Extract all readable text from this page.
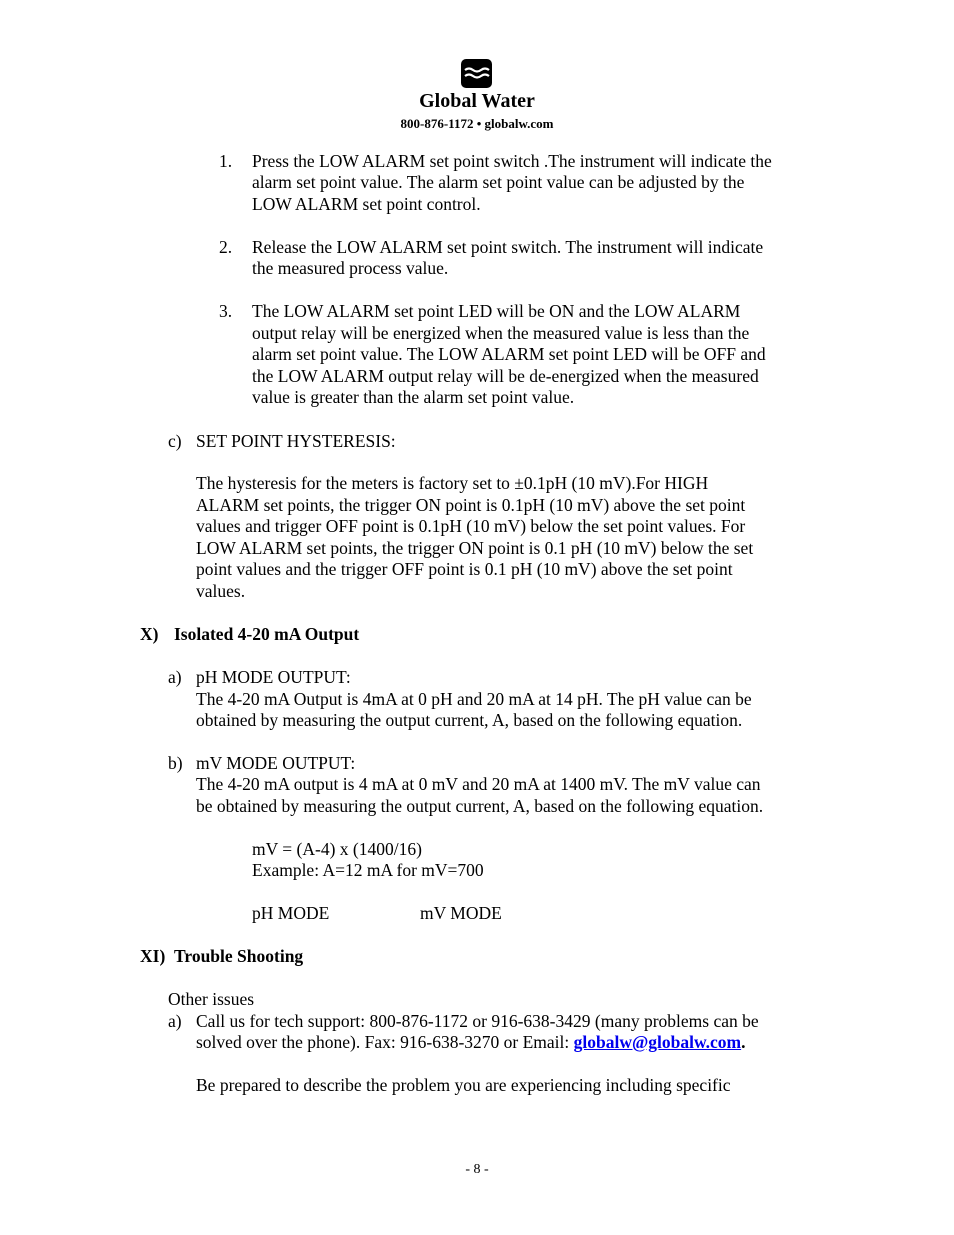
Global Water
800-876-1172 • globalw.com
1. Press the LOW ALARM set point switch .The instrument will indicate the
alarm set point value. The alarm set point value can be adjusted by the
LOW ALARM set point control.
2. Release the LOW ALARM set point switch. The instrument will indicate
the measured process value.
3. The LOW ALARM set point LED will be ON and the LOW ALARM
output relay will be energized when the measured value is less than the
alarm set point value. The LOW ALARM set point LED will be OFF and
the LOW ALARM output relay will be de-energized when the measured
value is greater than the alarm set point value.
c) SET POINT HYSTERESIS:
The hysteresis for the meters is factory set to ±0.1pH (10 mV).For HIGH
ALARM set points, the trigger ON point is 0.1pH (10 mV) above the set point
values and trigger OFF point is 0.1pH (10 mV) below the set point values. For
LOW ALARM set points, the trigger ON point is 0.1 pH (10 mV) below the set
point values and the trigger OFF point is 0.1 pH (10 mV) above the set point
values.
X) Isolated 4-20 mA Output
a) pH MODE OUTPUT:
The 4-20 mA Output is 4mA at 0 pH and 20 mA at 14 pH. The pH value can be
obtained by measuring the output current, A, based on the following equation.
b) mV MODE OUTPUT:
The 4-20 mA output is 4 mA at 0 mV and 20 mA at 1400 mV. The mV value can
be obtained by measuring the output current, A, based on the following equation.
mV = (A-4) x (1400/16)
Example: A=12 mA for mV=700
pH MODE	mV MODE
XI) Trouble Shooting
Other issues
a) Call us for tech support: 800-876-1172 or 916-638-3429 (many problems can be
solved over the phone). Fax: 916-638-3270 or Email: globalw@globalw.com.
Be prepared to describe the problem you are experiencing including specific
- 8 -
